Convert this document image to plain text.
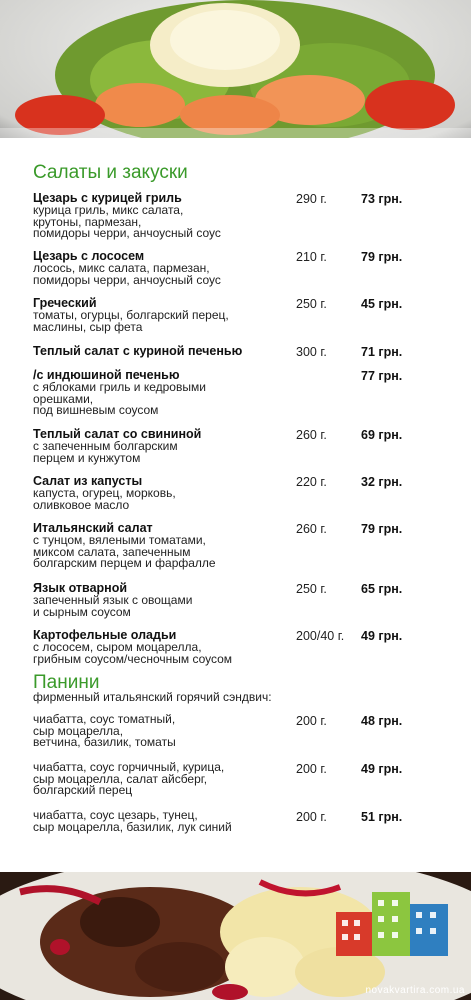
Салаты и закуски
Цезарь с курицей гриль
курица гриль, микс салата,
крутоны, пармезан,
помидоры черри, анчоусный соус
290 г.	73 грн.
Цезарь с лососем
лосось, микс салата, пармезан,
помидоры черри, анчоусный соус
210 г.	79 грн.
Греческий
томаты, огурцы, болгарский перец,
маслины, сыр фета
250 г.	45 грн.
Теплый салат с куриной печенью	300 г.	71 грн.
/с индюшиной печенью
с яблоками гриль и кедровыми
орешками,
под вишневым соусом
77 грн.
Теплый салат со свининой
с запеченным болгарским
перцем и кунжутом
260 г.	69 грн.
Салат из капусты
капуста, огурец, морковь,
оливковое масло
220 г.	32 грн.
Итальянский салат
с тунцом, вялеными томатами,
миксом салата, запеченным
болгарским перцем и фарфалле
260 г.	79 грн.
Язык отварной
запеченный язык с овощами
и сырным соусом
250 г.	65 грн.
Картофельные оладьи
с лососем, сыром моцарелла,
грибным соусом/чесночным соусом
200/40 г. 49 грн.
Панини
фирменный итальянский горячий сэндвич:
чиабатта, соус томатный,
сыр моцарелла,
ветчина, базилик, томаты
200 г.	48 грн.
чиабатта, соус горчичный, курица,
сыр моцарелла, салат айсберг,
болгарский перец
200 г.	49 грн.
чиабатта, соус цезарь, тунец,
сыр моцарелла, базилик, лук синий
200 г.	51 грн.
novakvartira.com.ua
